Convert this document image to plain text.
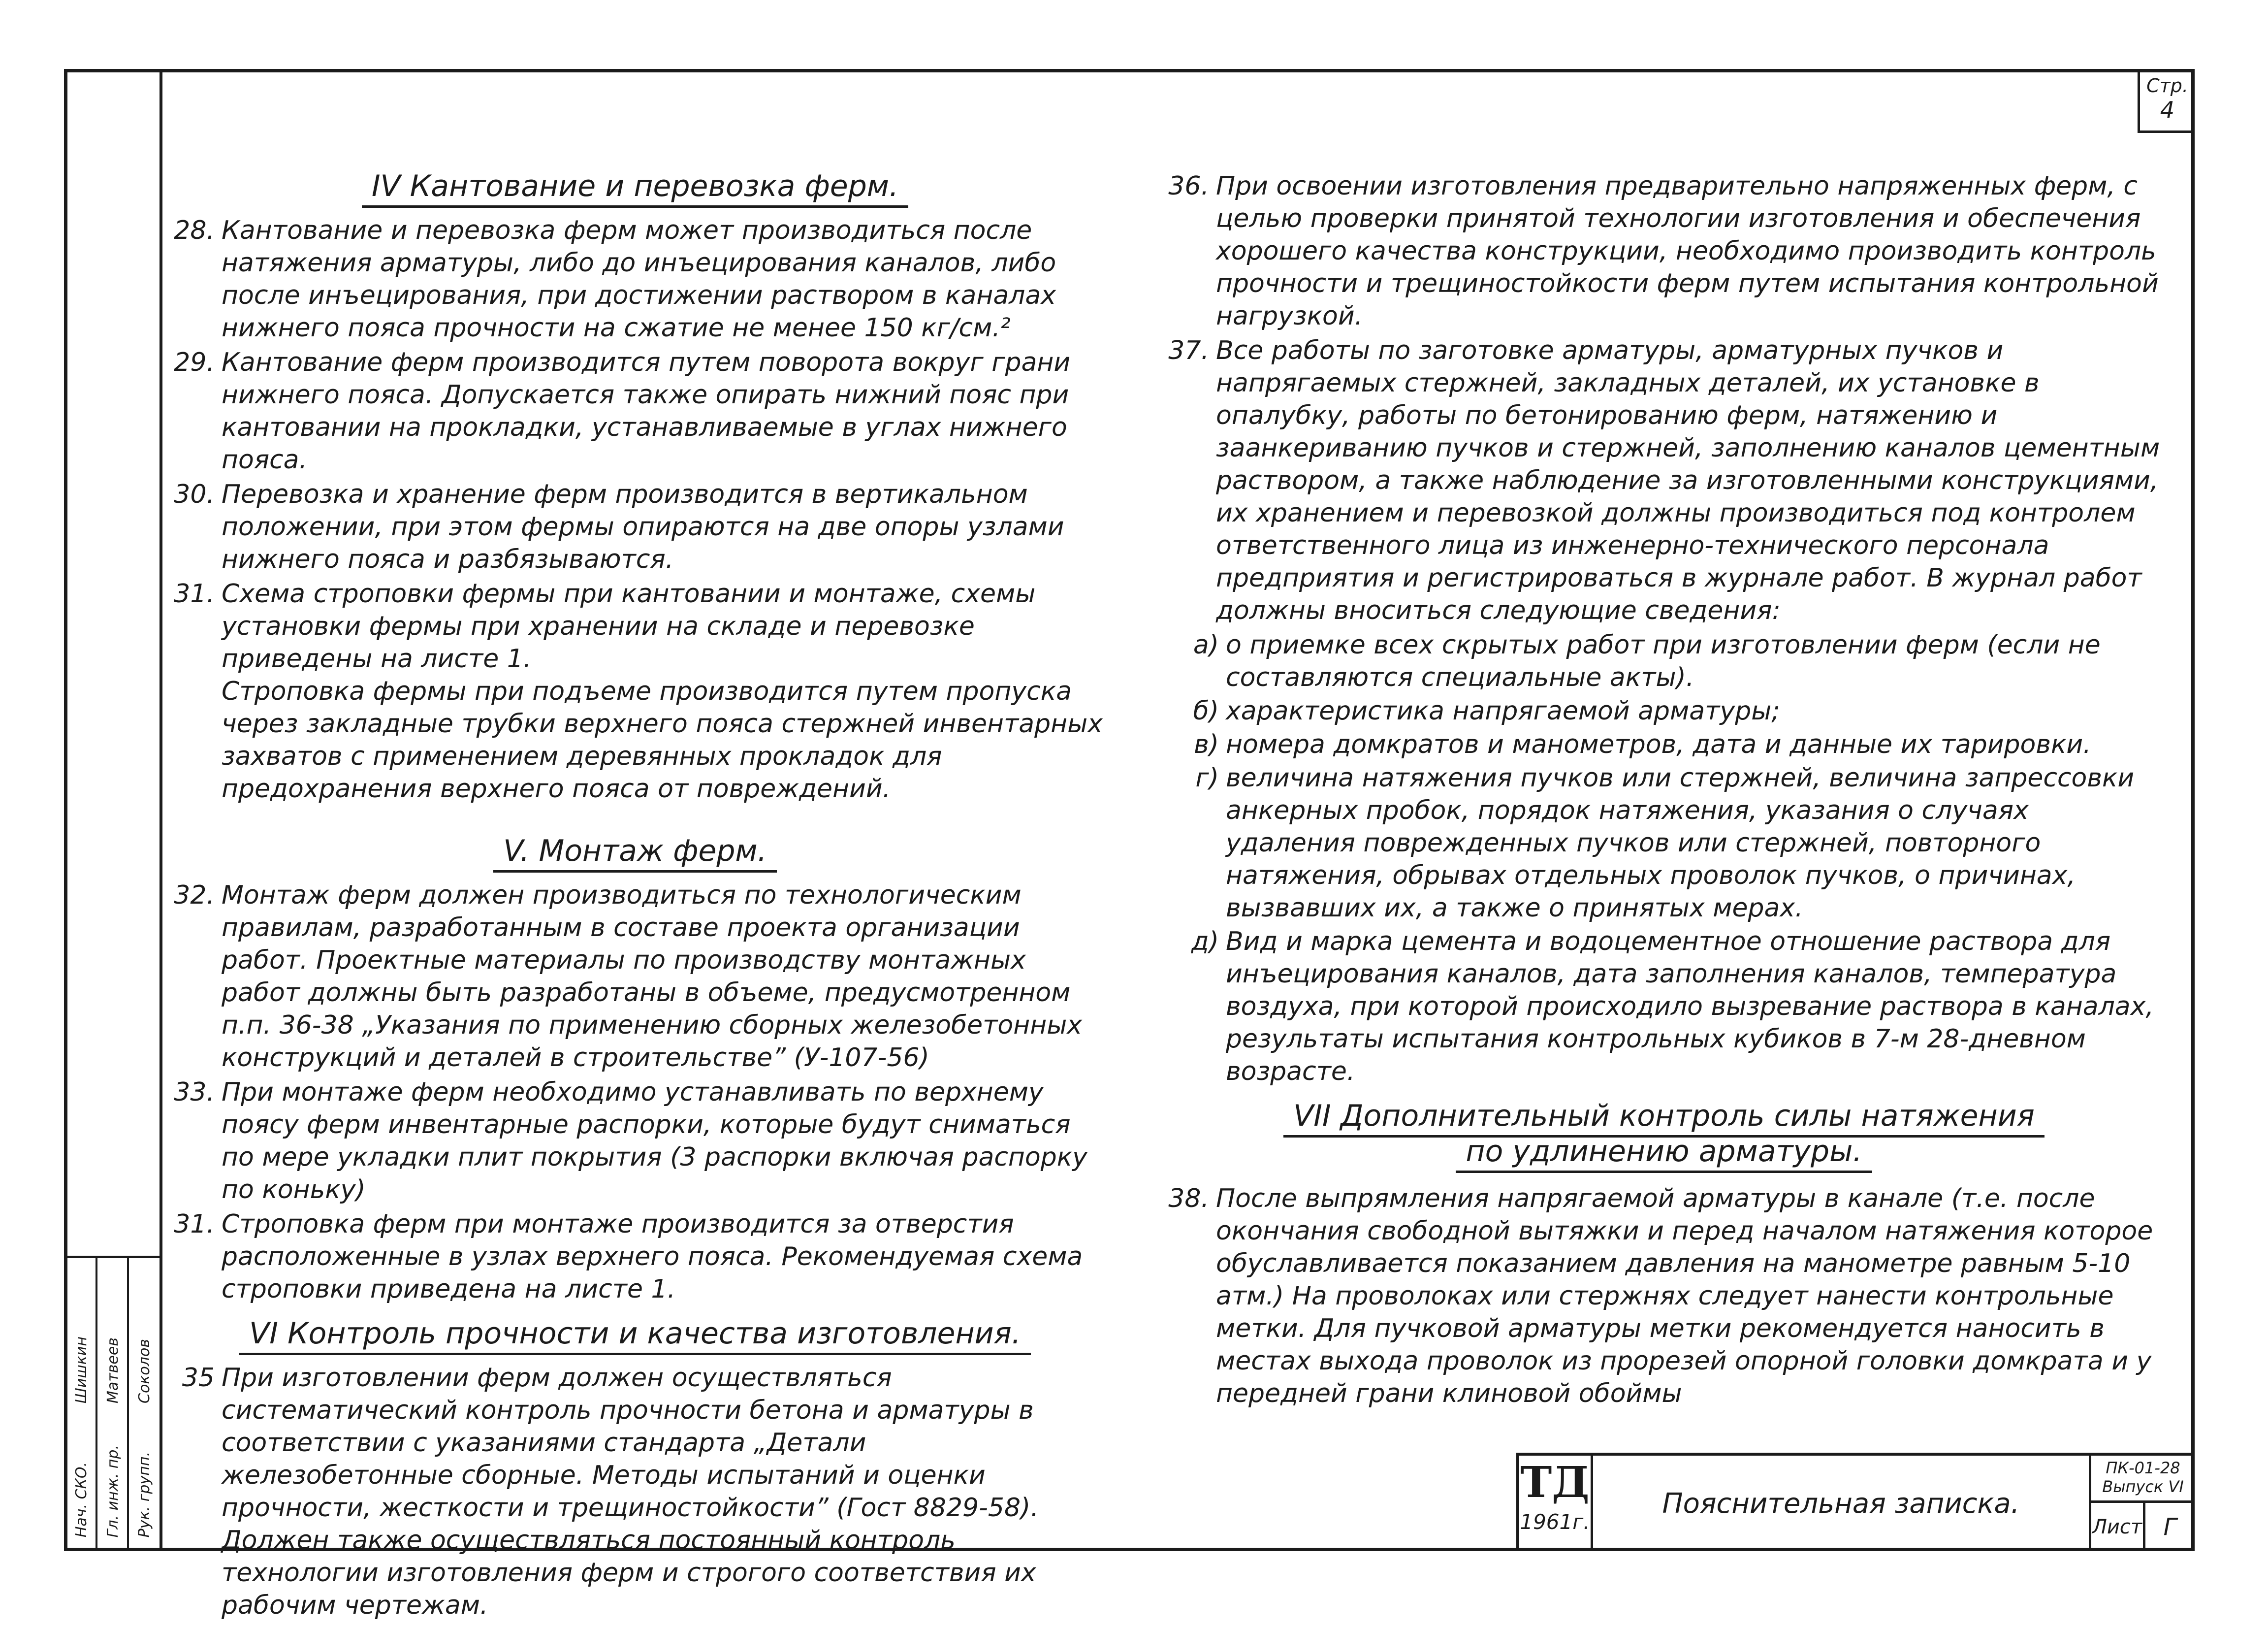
Нач. СКО. Гл. инж. пр. Рук. групп.
Шишкин Матвеев Соколов
Стр.
4
IV Кантование и перевозка ферм.
28. Кантование и перевозка ферм может производиться после натяжения арматуры, либо до инъецирования каналов, либо после инъецирования, при достижении раствором в каналах нижнего пояса прочности на сжатие не менее 150 кг/см.²
29. Кантование ферм производится путем поворота вокруг грани нижнего пояса. Допускается также опирать нижний пояс при кантовании на прокладки, устанавливаемые в углах нижнего пояса.
30. Перевозка и хранение ферм производится в вертикальном положении, при этом фермы опираются на две опоры узлами нижнего пояса и разбязываются.
31. Схема строповки фермы при кантовании и монтаже, схемы установки фермы при хранении на складе и перевозке приведены на листе 1.
Строповка фермы при подъеме производится путем пропуска через закладные трубки верхнего пояса стержней инвентарных захватов с применением деревянных прокладок для предохранения верхнего пояса от повреждений.
V. Монтаж ферм.
32. Монтаж ферм должен производиться по технологическим правилам, разработанным в составе проекта организации работ. Проектные материалы по производству монтажных работ должны быть разработаны в объеме, предусмотренном п.п. 36-38 „Указания по применению сборных железобетонных конструкций и деталей в строительстве” (У-107-56)
33. При монтаже ферм необходимо устанавливать по верхнему поясу ферм инвентарные распорки, которые будут сниматься по мере укладки плит покрытия (3 распорки включая распорку по коньку)
31. Строповка ферм при монтаже производится за отверстия расположенные в узлах верхнего пояса. Рекомендуемая схема строповки приведена на листе 1.
VI Контроль прочности и качества изготовления.
35 При изготовлении ферм должен осуществляться систематический контроль прочности бетона и арматуры в соответствии с указаниями стандарта „Детали железобетонные сборные. Методы испытаний и оценки прочности, жесткости и трещиностойкости” (Гост 8829-58). Должен также осуществляться постоянный контроль технологии изготовления ферм и строгого соответствия их рабочим чертежам.
36. При освоении изготовления предварительно напряженных ферм, с целью проверки принятой технологии изготовления и обеспечения хорошего качества конструкции, необходимо производить контроль прочности и трещиностойкости ферм путем испытания контрольной нагрузкой.
37. Все работы по заготовке арматуры, арматурных пучков и напрягаемых стержней, закладных деталей, их установке в опалубку, работы по бетонированию ферм, натяжению и заанкериванию пучков и стержней, заполнению каналов цементным раствором, а также наблюдение за изготовленными конструкциями, их хранением и перевозкой должны производиться под контролем ответственного лица из инженерно-технического персонала предприятия и регистрироваться в журнале работ. В журнал работ должны вноситься следующие сведения:
а) о приемке всех скрытых работ при изготовлении ферм (если не составляются специальные акты).
б) характеристика напрягаемой арматуры;
в) номера домкратов и манометров, дата и данные их тарировки.
г) величина натяжения пучков или стержней, величина запрессовки анкерных пробок, порядок натяжения, указания о случаях удаления поврежденных пучков или стержней, повторного натяжения, обрывах отдельных проволок пучков, о причинах, вызвавших их, а также о принятых мерах.
д) Вид и марка цемента и водоцементное отношение раствора для инъецирования каналов, дата заполнения каналов, температура воздуха, при которой происходило вызревание раствора в каналах, результаты испытания контрольных кубиков в 7-м 28-дневном возрасте.
VII Дополнительный контроль силы натяжения
по удлинению арматуры.
38. После выпрямления напрягаемой арматуры в канале (т.е. после окончания свободной вытяжки и перед началом натяжения которое обуславливается показанием давления на манометре равным 5-10 атм.) На проволоках или стержнях следует нанести контрольные метки. Для пучковой арматуры метки рекомендуется наносить в местах выхода проволок из прорезей опорной головки домкрата и у передней грани клиновой обоймы
ТД
1961г.
Пояснительная записка.
ПК-01-28
Выпуск VI
Лист Г
